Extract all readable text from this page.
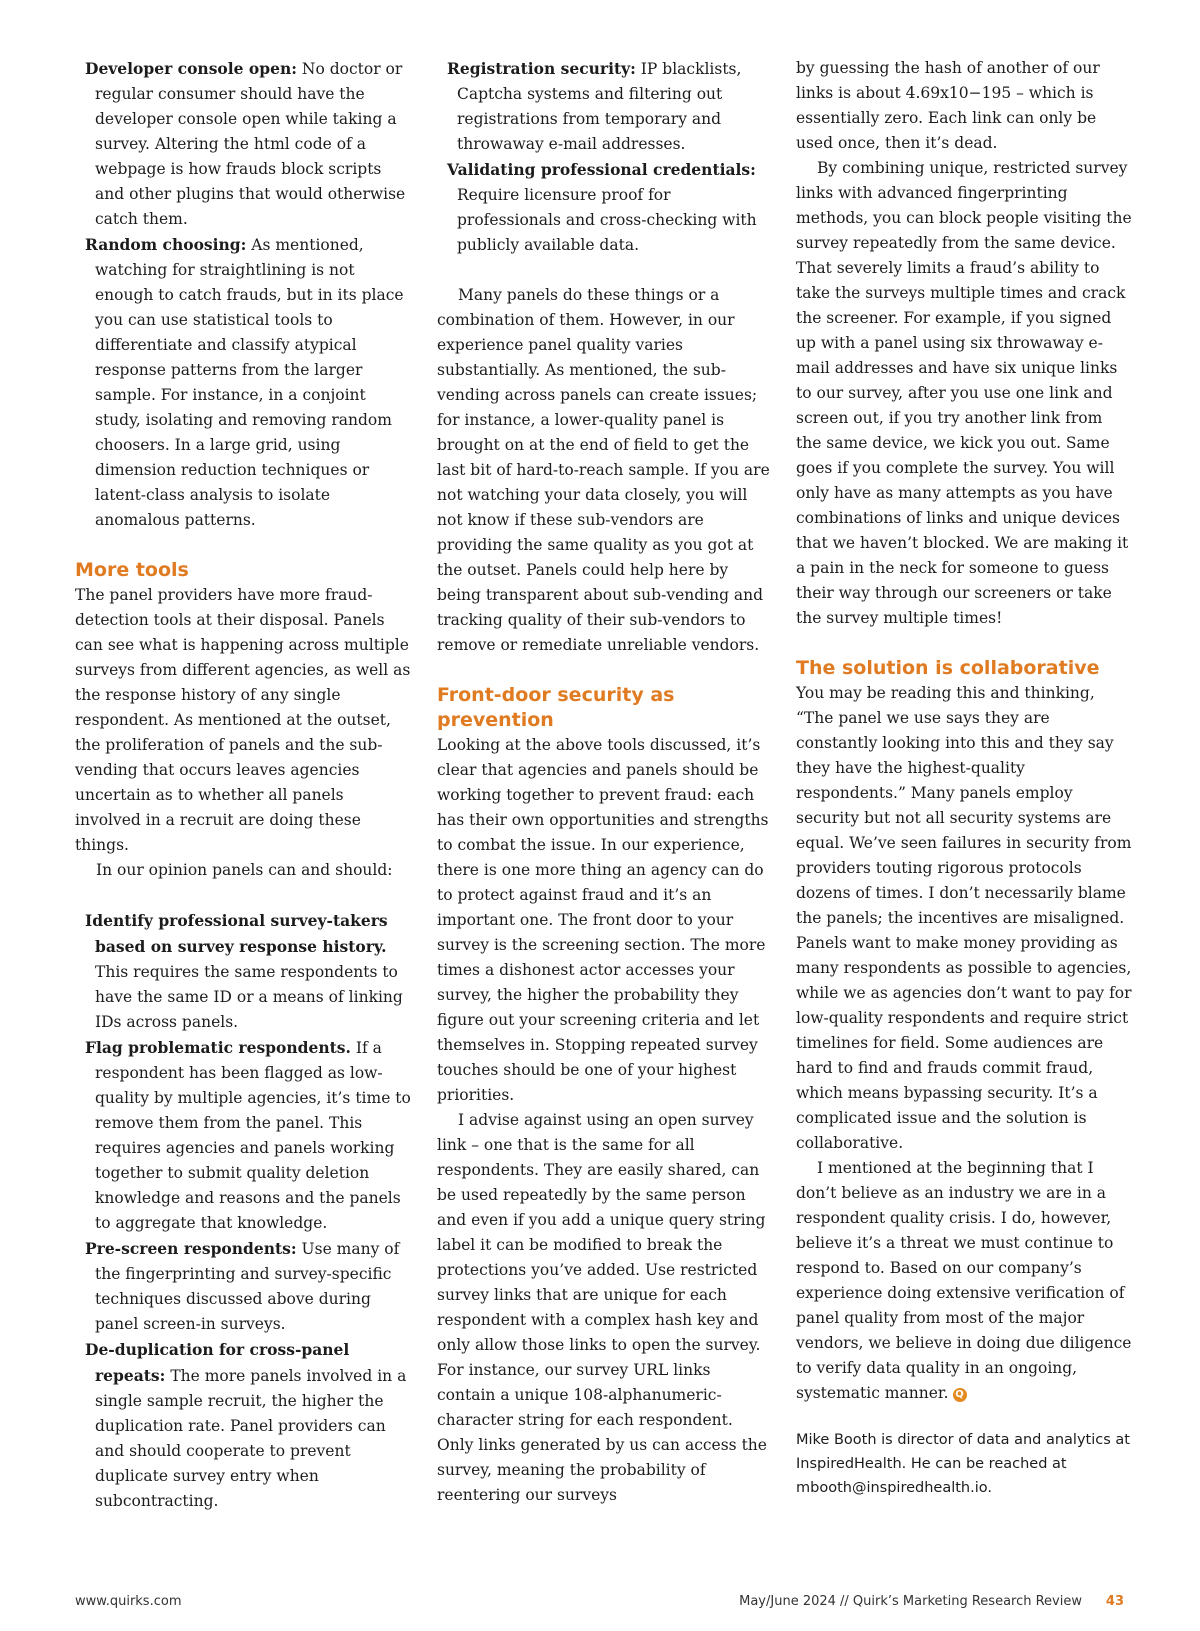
Developer console open: No doctor or regular consumer should have the developer console open while taking a survey. Altering the html code of a webpage is how frauds block scripts and other plugins that would otherwise catch them.

Random choosing: As mentioned, watching for straightlining is not enough to catch frauds, but in its place you can use statistical tools to differentiate and classify atypical response patterns from the larger sample. For instance, in a conjoint study, isolating and removing random choosers. In a large grid, using dimension reduction techniques or latent-class analysis to isolate anomalous patterns.

More tools

The panel providers have more fraud-detection tools at their disposal. Panels can see what is happening across multiple surveys from different agencies, as well as the response history of any single respondent. As mentioned at the outset, the proliferation of panels and the sub-vending that occurs leaves agencies uncertain as to whether all panels involved in a recruit are doing these things.

In our opinion panels can and should:

Identify professional survey-takers based on survey response history. This requires the same respondents to have the same ID or a means of linking IDs across panels.

Flag problematic respondents. If a respondent has been flagged as low-quality by multiple agencies, it’s time to remove them from the panel. This requires agencies and panels working together to submit quality deletion knowledge and reasons and the panels to aggregate that knowledge.

Pre-screen respondents: Use many of the fingerprinting and survey-specific techniques discussed above during panel screen-in surveys.

De-duplication for cross-panel repeats: The more panels involved in a single sample recruit, the higher the duplication rate. Panel providers can and should cooperate to prevent duplicate survey entry when subcontracting.

Registration security: IP blacklists, Captcha systems and filtering out registrations from temporary and throwaway e-mail addresses.

Validating professional credentials: Require licensure proof for professionals and cross-checking with publicly available data.

Many panels do these things or a combination of them. However, in our experience panel quality varies substantially. As mentioned, the sub-vending across panels can create issues; for instance, a lower-quality panel is brought on at the end of field to get the last bit of hard-to-reach sample. If you are not watching your data closely, you will not know if these sub-vendors are providing the same quality as you got at the outset. Panels could help here by being transparent about sub-vending and tracking quality of their sub-vendors to remove or remediate unreliable vendors.

Front-door security as prevention

Looking at the above tools discussed, it’s clear that agencies and panels should be working together to prevent fraud: each has their own opportunities and strengths to combat the issue. In our experience, there is one more thing an agency can do to protect against fraud and it’s an important one. The front door to your survey is the screening section. The more times a dishonest actor accesses your survey, the higher the probability they figure out your screening criteria and let themselves in. Stopping repeated survey touches should be one of your highest priorities.

I advise against using an open survey link – one that is the same for all respondents. They are easily shared, can be used repeatedly by the same person and even if you add a unique query string label it can be modified to break the protections you’ve added. Use restricted survey links that are unique for each respondent with a complex hash key and only allow those links to open the survey. For instance, our survey URL links contain a unique 108-alphanumeric-character string for each respondent. Only links generated by us can access the survey, meaning the probability of reentering our surveys

by guessing the hash of another of our links is about 4.69x10−195 – which is essentially zero. Each link can only be used once, then it’s dead.

By combining unique, restricted survey links with advanced fingerprinting methods, you can block people visiting the survey repeatedly from the same device. That severely limits a fraud’s ability to take the surveys multiple times and crack the screener. For example, if you signed up with a panel using six throwaway e-mail addresses and have six unique links to our survey, after you use one link and screen out, if you try another link from the same device, we kick you out. Same goes if you complete the survey. You will only have as many attempts as you have combinations of links and unique devices that we haven’t blocked. We are making it a pain in the neck for someone to guess their way through our screeners or take the survey multiple times!

The solution is collaborative

You may be reading this and thinking, “The panel we use says they are constantly looking into this and they say they have the highest-quality respondents.” Many panels employ security but not all security systems are equal. We’ve seen failures in security from providers touting rigorous protocols dozens of times. I don’t necessarily blame the panels; the incentives are misaligned. Panels want to make money providing as many respondents as possible to agencies, while we as agencies don’t want to pay for low-quality respondents and require strict timelines for field. Some audiences are hard to find and frauds commit fraud, which means bypassing security. It’s a complicated issue and the solution is collaborative.

I mentioned at the beginning that I don’t believe as an industry we are in a respondent quality crisis. I do, however, believe it’s a threat we must continue to respond to. Based on our company’s experience doing extensive verification of panel quality from most of the major vendors, we believe in doing due diligence to verify data quality in an ongoing, systematic manner. Q

Mike Booth is director of data and analytics at InspiredHealth. He can be reached at mbooth@inspiredhealth.io.

www.quirks.com	May/June 2024 // Quirk’s Marketing Research Review 43
